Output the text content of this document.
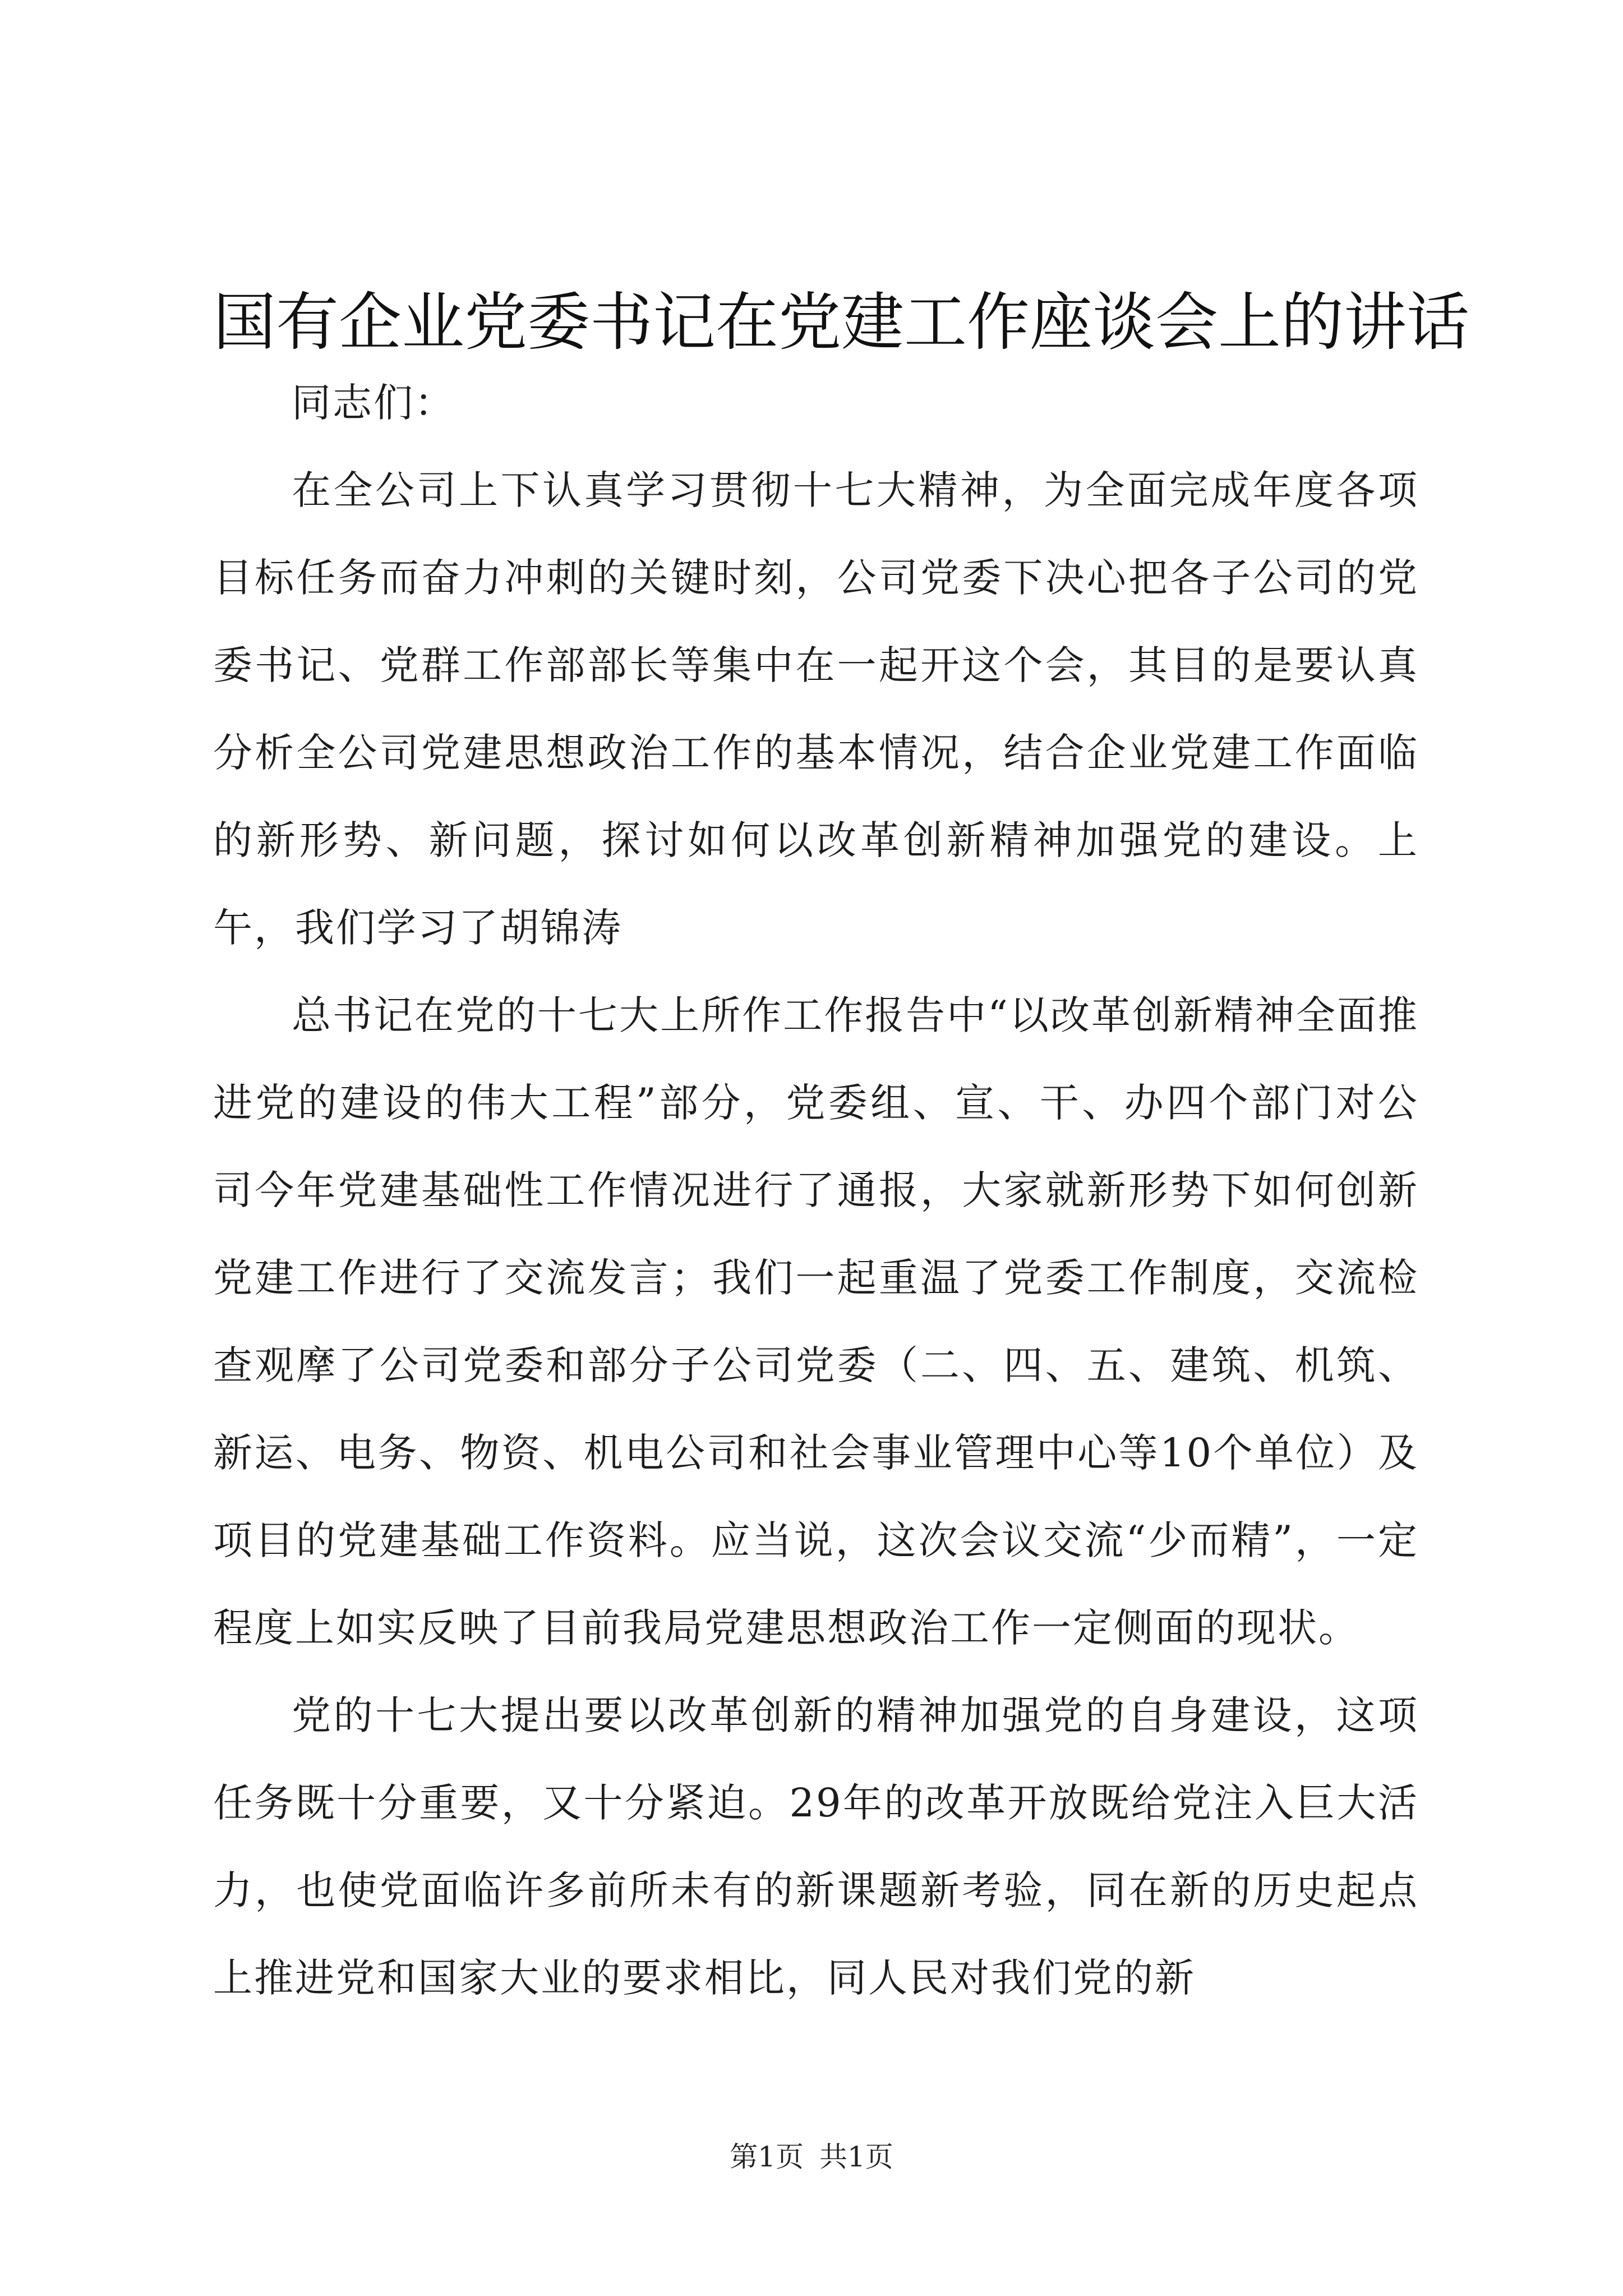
国有企业党委书记在党建工作座谈会上的讲话

同志们：

在全公司上下认真学习贯彻十七大精神，为全面完成年度各项目标任务而奋力冲刺的关键时刻，公司党委下决心把各子公司的党委书记、党群工作部部长等集中在一起开这个会，其目的是要认真分析全公司党建思想政治工作的基本情况，结合企业党建工作面临的新形势、新问题，探讨如何以改革创新精神加强党的建设。上午，我们学习了胡锦涛

总书记在党的十七大上所作工作报告中“以改革创新精神全面推进党的建设的伟大工程”部分，党委组、宣、干、办四个部门对公司今年党建基础性工作情况进行了通报，大家就新形势下如何创新党建工作进行了交流发言；我们一起重温了党委工作制度，交流检查观摩了公司党委和部分子公司党委（二、四、五、建筑、机筑、新运、电务、物资、机电公司和社会事业管理中心等10个单位）及项目的党建基础工作资料。应当说，这次会议交流“少而精”，一定程度上如实反映了目前我局党建思想政治工作一定侧面的现状。

党的十七大提出要以改革创新的精神加强党的自身建设，这项任务既十分重要，又十分紧迫。29年的改革开放既给党注入巨大活力，也使党面临许多前所未有的新课题新考验，同在新的历史起点上推进党和国家大业的要求相比，同人民对我们党的新

第1页 共1页
